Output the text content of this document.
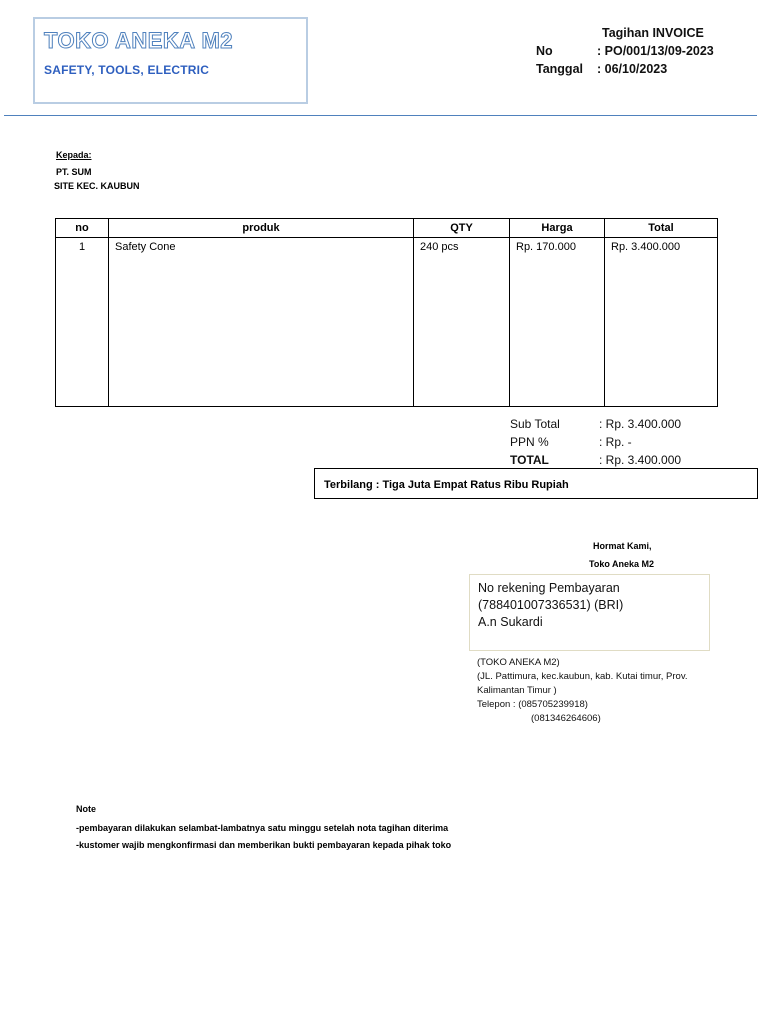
TOKO ANEKA M2
SAFETY, TOOLS, ELECTRIC
Tagihan INVOICE
No	: PO/001/13/09-2023
Tanggal : 06/10/2023
Kepada:
PT. SUM
SITE KEC. KAUBUN
no	produk	QTY	Harga	Total
1	Safety Cone	240 pcs	Rp. 170.000	Rp. 3.400.000
Sub Total	: Rp. 3.400.000
PPN %	: Rp. -
TOTAL	: Rp. 3.400.000
Terbilang : Tiga Juta Empat Ratus Ribu Rupiah
Hormat Kami,
Toko Aneka M2
No rekening Pembayaran
(788401007336531) (BRI)
A.n Sukardi
(TOKO ANEKA M2)
(JL. Pattimura, kec.kaubun, kab. Kutai timur, Prov.
Kalimantan Timur )
Telepon : (085705239918)
(081346264606)
Note
-pembayaran dilakukan selambat-lambatnya satu minggu setelah nota tagihan diterima
-kustomer wajib mengkonfirmasi dan memberikan bukti pembayaran kepada pihak toko
